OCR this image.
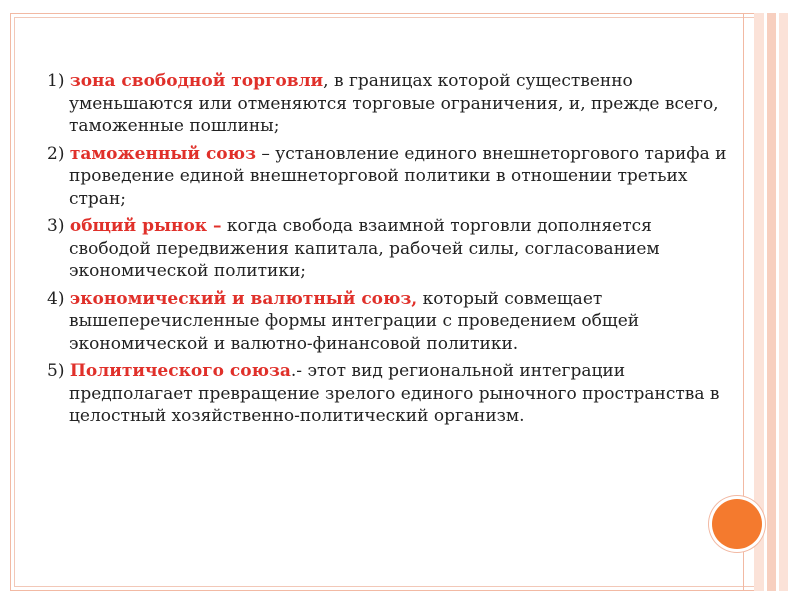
1) зона свободной торговли, в границах которой существенно
уменьшаются или отменяются торговые ограничения, и, прежде всего,
таможенные пошлины;
2) таможенный союз – установление единого внешнеторгового тарифа и
проведение единой внешнеторговой политики в отношении третьих
стран;
3) общий рынок – когда свобода взаимной торговли дополняется
свободой передвижения капитала, рабочей силы, согласованием
экономической политики;
4) экономический и валютный союз, который совмещает
вышеперечисленные формы интеграции с проведением общей
экономической и валютно-финансовой политики.
5) Политического союза.- этот вид региональной интеграции
предполагает превращение зрелого единого рыночного пространства в
целостный хозяйственно-политический организм.
